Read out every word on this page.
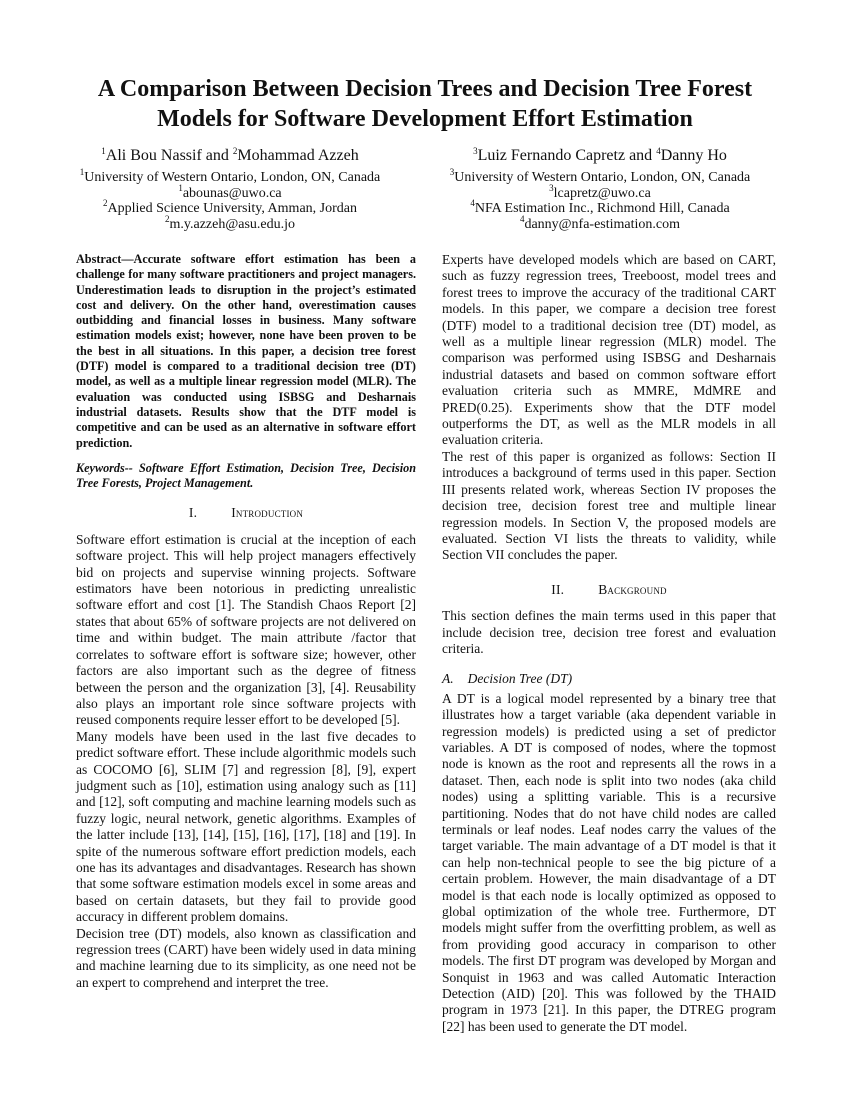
A Comparison Between Decision Trees and Decision Tree Forest
Models for Software Development Effort Estimation
$^1$Ali Bou Nassif and $^2$Mohammad Azzeh
$^1$University of Western Ontario, London, ON, Canada
$^1$abounas@uwo.ca
$^2$Applied Science University, Amman, Jordan
$^2$m.y.azzeh@asu.edu.jo
$^3$Luiz Fernando Capretz and $^4$Danny Ho
$^3$University of Western Ontario, London, ON, Canada
$^3$lcapretz@uwo.ca
$^4$NFA Estimation Inc., Richmond Hill, Canada
$^4$danny@nfa-estimation.com

Abstract—Accurate software effort estimation has been a challenge for many software practitioners and project managers. Underestimation leads to disruption in the project’s estimated cost and delivery. On the other hand, overestimation causes outbidding and financial losses in business. Many software estimation models exist; however, none have been proven to be the best in all situations. In this paper, a decision tree forest (DTF) model is compared to a traditional decision tree (DT) model, as well as a multiple linear regression model (MLR). The evaluation was conducted using ISBSG and Desharnais industrial datasets. Results show that the DTF model is competitive and can be used as an alternative in software effort prediction.

Keywords-- Software Effort Estimation, Decision Tree, Decision Tree Forests, Project Management.

I.	Introduction

Software effort estimation is crucial at the inception of each software project. This will help project managers effectively bid on projects and supervise winning projects. Software estimators have been notorious in predicting unrealistic software effort and cost [1]. The Standish Chaos Report [2] states that about 65% of software projects are not delivered on time and within budget. The main attribute /factor that correlates to software effort is software size; however, other factors are also important such as the degree of fitness between the person and the organization [3], [4]. Reusability also plays an important role since software projects with reused components require lesser effort to be developed [5].

Many models have been used in the last five decades to predict software effort. These include algorithmic models such as COCOMO [6], SLIM [7] and regression [8], [9], expert judgment such as [10], estimation using analogy such as [11] and [12], soft computing and machine learning models such as fuzzy logic, neural network, genetic algorithms. Examples of the latter include [13], [14], [15], [16], [17], [18] and [19]. In spite of the numerous software effort prediction models, each one has its advantages and disadvantages. Research has shown that some software estimation models excel in some areas and based on certain datasets, but they fail to provide good accuracy in different problem domains.

Decision tree (DT) models, also known as classification and regression trees (CART) have been widely used in data mining and machine learning due to its simplicity, as one need not be an expert to comprehend and interpret the tree.

Experts have developed models which are based on CART, such as fuzzy regression trees, Treeboost, model trees and forest trees to improve the accuracy of the traditional CART models. In this paper, we compare a decision tree forest (DTF) model to a traditional decision tree (DT) model, as well as a multiple linear regression (MLR) model. The comparison was performed using ISBSG and Desharnais industrial datasets and based on common software effort evaluation criteria such as MMRE, MdMRE and PRED(0.25). Experiments show that the DTF model outperforms the DT, as well as the MLR models in all evaluation criteria.

The rest of this paper is organized as follows: Section II introduces a background of terms used in this paper. Section III presents related work, whereas Section IV proposes the decision tree, decision forest tree and multiple linear regression models. In Section V, the proposed models are evaluated. Section VI lists the threats to validity, while Section VII concludes the paper.

II.	Background

This section defines the main terms used in this paper that include decision tree, decision tree forest and evaluation criteria.

A. Decision Tree (DT)

A DT is a logical model represented by a binary tree that illustrates how a target variable (aka dependent variable in regression models) is predicted using a set of predictor variables. A DT is composed of nodes, where the topmost node is known as the root and represents all the rows in a dataset. Then, each node is split into two nodes (aka child nodes) using a splitting variable. This is a recursive partitioning. Nodes that do not have child nodes are called terminals or leaf nodes. Leaf nodes carry the values of the target variable. The main advantage of a DT model is that it can help non-technical people to see the big picture of a certain problem. However, the main disadvantage of a DT model is that each node is locally optimized as opposed to global optimization of the whole tree. Furthermore, DT models might suffer from the overfitting problem, as well as from providing good accuracy in comparison to other models. The first DT program was developed by Morgan and Sonquist in 1963 and was called Automatic Interaction Detection (AID) [20]. This was followed by the THAID program in 1973 [21]. In this paper, the DTREG program [22] has been used to generate the DT model.
